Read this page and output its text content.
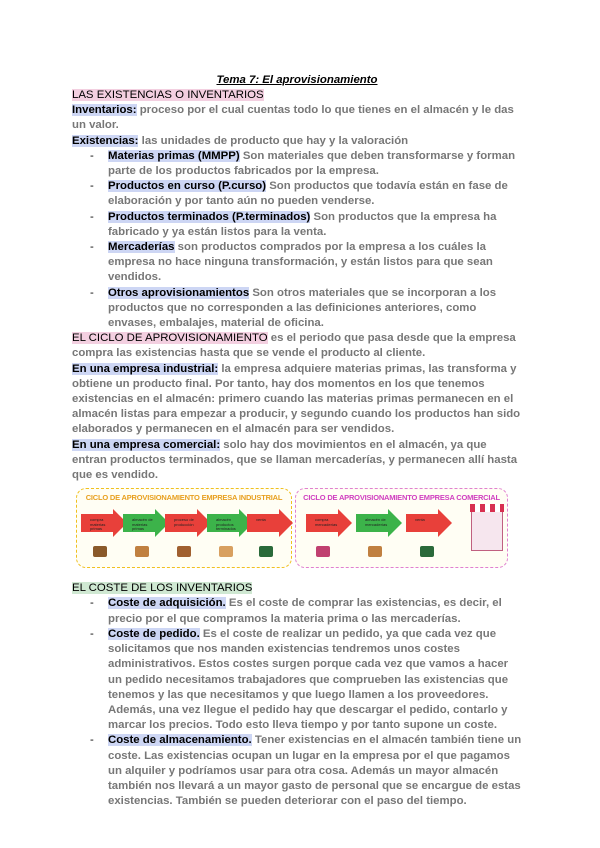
Tema 7: El aprovisionamiento

LAS EXISTENCIAS O INVENTARIOS

Inventarios: proceso por el cual cuentas todo lo que tienes en el almacén y le das un valor.

Existencias: las unidades de producto que hay y la valoración

- Materias primas (MMPP) Son materiales que deben transformarse y forman parte de los productos fabricados por la empresa.
- Productos en curso (P.curso) Son productos que todavía están en fase de elaboración y por tanto aún no pueden venderse.
- Productos terminados (P.terminados) Son productos que la empresa ha fabricado y ya están listos para la venta.
- Mercaderías son productos comprados por la empresa a los cuáles la empresa no hace ninguna transformación, y están listos para que sean vendidos.
- Otros aprovisionamientos Son otros materiales que se incorporan a los productos que no corresponden a las definiciones anteriores, como envases, embalajes, material de oficina.

EL CICLO DE APROVISIONAMIENTO es el periodo que pasa desde que la empresa compra las existencias hasta que se vende el producto al cliente.

En una empresa industrial: la empresa adquiere materias primas, las transforma y obtiene un producto final. Por tanto, hay dos momentos en los que tenemos existencias en el almacén: primero cuando las materias primas permanecen en el almacén listas para empezar a producir, y segundo cuando los productos han sido elaborados y permanecen en el almacén para ser vendidos.

En una empresa comercial: solo hay dos movimientos en el almacén, ya que entran productos terminados, que se llaman mercaderías, y permanecen allí hasta que es vendido.

CICLO DE APROVISIONAMIENTO EMPRESA INDUSTRIAL
compra materias primas
almacén de materias primas
proceso de producción
almacén productos terminados
venta
CICLO DE APROVISIONAMIENTO EMPRESA COMERCIAL
compra mercaderías
almacén de mercaderías
venta

EL COSTE DE LOS INVENTARIOS

- Coste de adquisición. Es el coste de comprar las existencias, es decir, el precio por el que compramos la materia prima o las mercaderías.
- Coste de pedido. Es el coste de realizar un pedido, ya que cada vez que solicitamos que nos manden existencias tendremos unos costes administrativos. Estos costes surgen porque cada vez que vamos a hacer un pedido necesitamos trabajadores que comprueben las existencias que tenemos y las que necesitamos y que luego llamen a los proveedores. Además, una vez llegue el pedido hay que descargar el pedido, contarlo y marcar los precios. Todo esto lleva tiempo y por tanto supone un coste.
- Coste de almacenamiento. Tener existencias en el almacén también tiene un coste. Las existencias ocupan un lugar en la empresa por el que pagamos un alquiler y podríamos usar para otra cosa. Además un mayor almacén también nos llevará a un mayor gasto de personal que se encargue de estas existencias. También se pueden deteriorar con el paso del tiempo.
